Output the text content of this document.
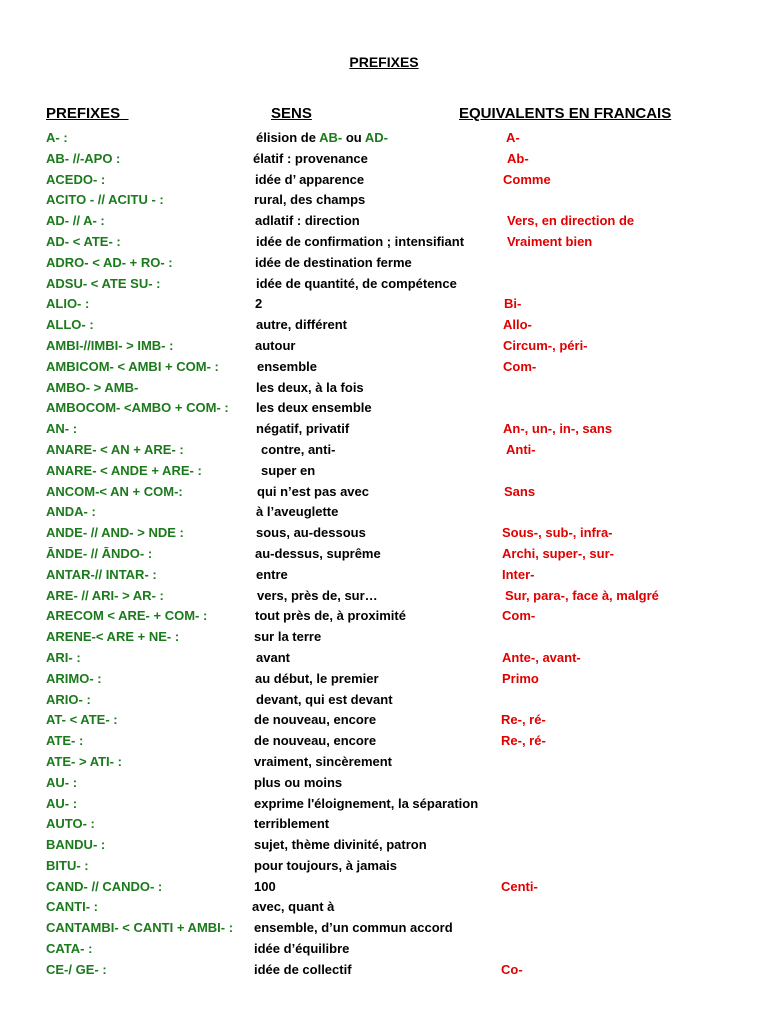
PREFIXES
PREFIXES	SENS	EQUIVALENTS EN FRANCAIS
A- :	élision de AB- ou AD-	A-
AB- //-APO :	élatif : provenance	Ab-
ACEDO- :	idée d’ apparence	Comme
ACITO - // ACITU - :	rural, des champs
AD- // A- :	adlatif : direction	Vers, en direction de
AD- < ATE- :	idée de confirmation ; intensifiant	Vraiment bien
ADRO- < AD- + RO- :	idée de destination ferme
ADSU- < ATE SU- :	idée de quantité, de compétence
ALIO- :	2	Bi-
ALLO- :	autre, différent	Allo-
AMBI-//IMBI- > IMB- :	autour	Circum-, péri-
AMBICOM- < AMBI + COM- :	ensemble	Com-
AMBO- > AMB-	les deux, à la fois
AMBOCOM- <AMBO + COM- : les deux ensemble
AN- :	négatif, privatif	An-, un-, in-, sans
ANARE- < AN + ARE- :	contre, anti-	Anti-
ANARE- < ANDE + ARE- :	super en
ANCOM-< AN + COM-:	qui n’est pas avec	Sans
ANDA- :	à l’aveuglette
ANDE- // AND- > NDE :	sous, au-dessous	Sous-, sub-, infra-
ĀNDE- // ĀNDO- :	au-dessus, suprême	Archi, super-, sur-
ANTAR-// INTAR- :	entre	Inter-
ARE- // ARI- > AR- :	vers, près de, sur…	Sur, para-, face à, malgré
ARECOM < ARE- + COM- :	tout près de, à proximité	Com-
ARENE-< ARE + NE- :	sur la terre
ARI- :	avant	Ante-, avant-
ARIMO- :	au début, le premier	Primo
ARIO- :	devant, qui est devant
AT- < ATE- :	de nouveau, encore	Re-, ré-
ATE- :	de nouveau, encore	Re-, ré-
ATE- > ATI- :	vraiment, sincèrement
AU- :	plus ou moins
AU- :	exprime l'éloignement, la séparation
AUTO- :	terriblement
BANDU- :	sujet, thème divinité, patron
BITU- :	pour toujours, à jamais
CAND- // CANDO- :	100	Centi-
CANTI- :	avec, quant à
CANTAMBI- < CANTI + AMBI- : ensemble, d’un commun accord
CATA- :	idée d’équilibre
CE-/ GE- :	idée de collectif	Co-
